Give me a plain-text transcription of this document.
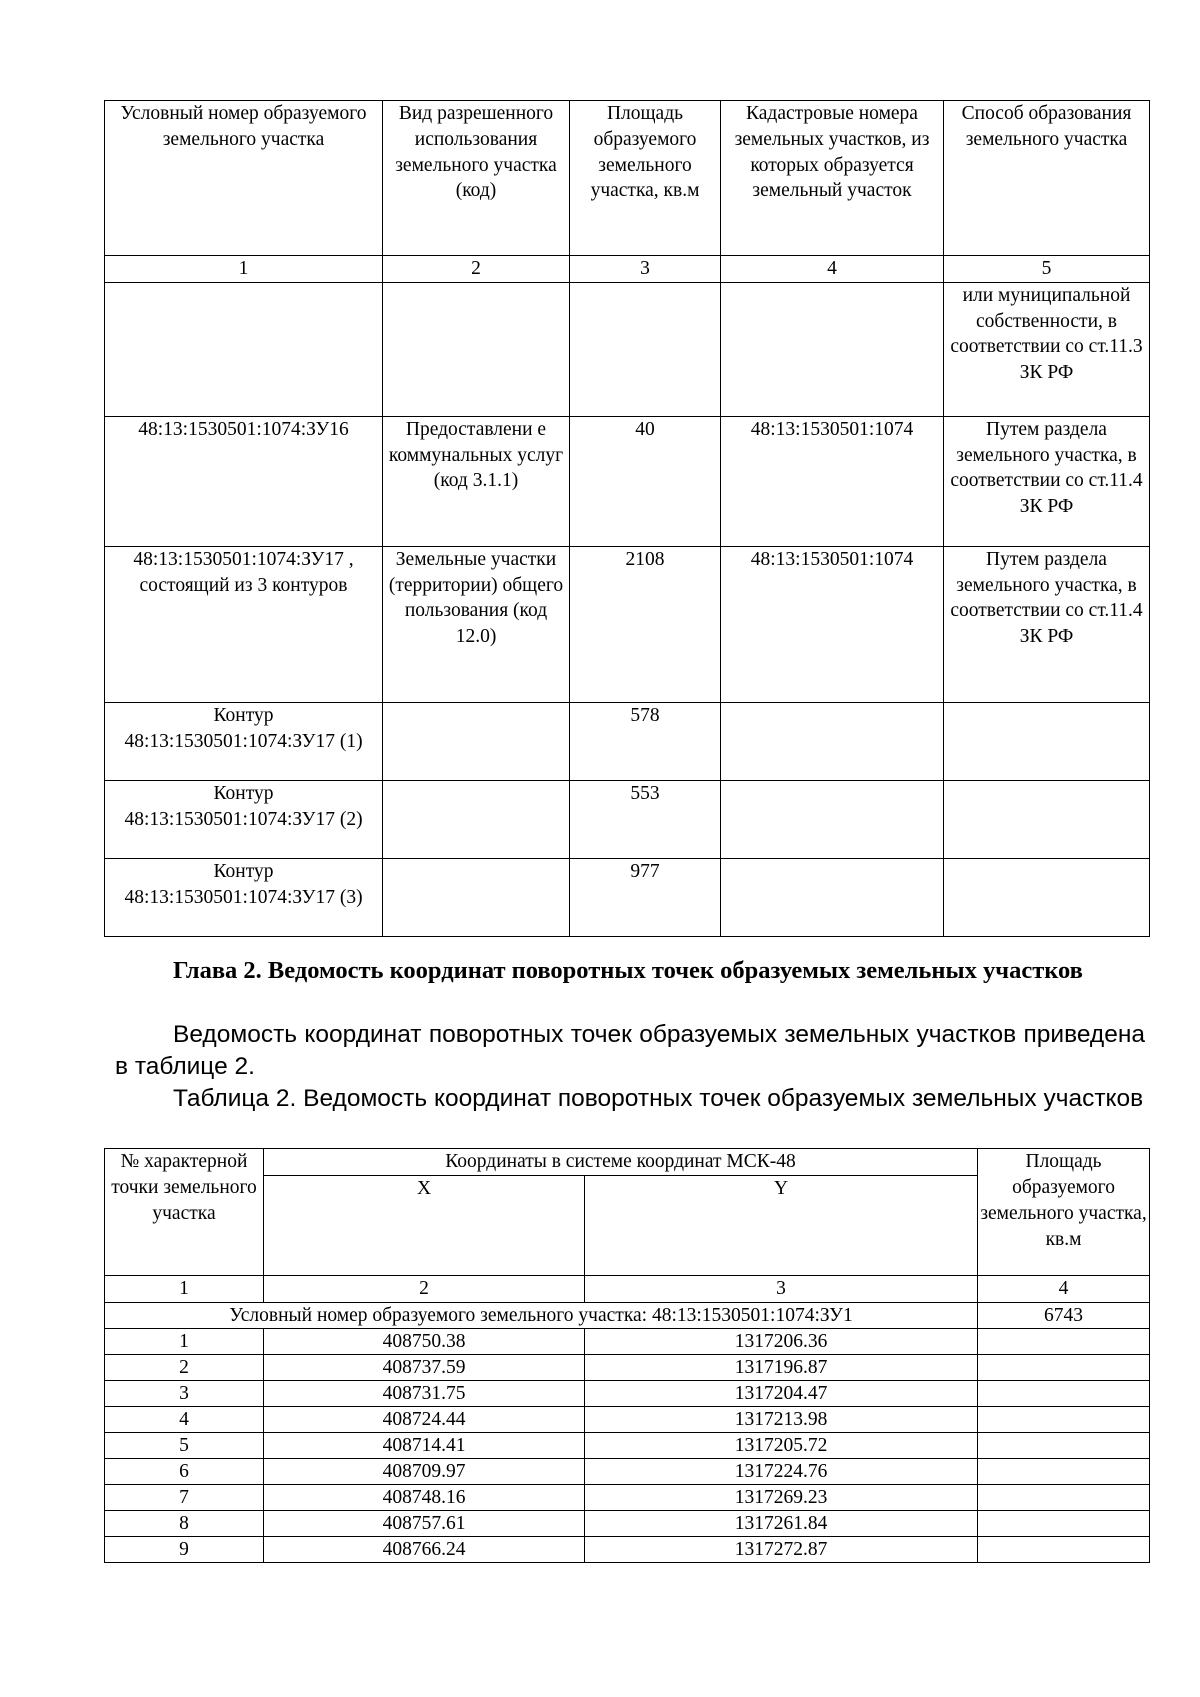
Условный номер образуемого земельного участка	Вид разрешенного использования земельного участка (код)	Площадь образуемого земельного участка, кв.м	Кадастровые номера земельных участков, из которых образуется земельный участок	Способ образования земельного участка
1	2	3	4	5
				или муниципальной собственности, в соответствии со ст.11.3 ЗК РФ
48:13:1530501:1074:ЗУ16	Предоставлени е коммунальных услуг (код 3.1.1)	40	48:13:1530501:1074	Путем раздела земельного участка, в соответствии со ст.11.4 ЗК РФ
48:13:1530501:1074:ЗУ17 , состоящий из 3 контуров	Земельные участки (территории) общего пользования (код 12.0)	2108	48:13:1530501:1074	Путем раздела земельного участка, в соответствии со ст.11.4 ЗК РФ
Контур 48:13:1530501:1074:ЗУ17 (1)		578		
Контур 48:13:1530501:1074:ЗУ17 (2)		553		
Контур 48:13:1530501:1074:ЗУ17 (3)		977		

Глава 2. Ведомость координат поворотных точек образуемых земельных участков

Ведомость координат поворотных точек образуемых земельных участков приведена в таблице 2.

Таблица 2. Ведомость координат поворотных точек образуемых земельных участков

№ характерной точки земельного участка	Координаты в системе координат МСК-48		Площадь образуемого земельного участка, кв.м
	X	Y	
1	2	3	4
Условный номер образуемого земельного участка: 48:13:1530501:1074:ЗУ1			6743
1	408750.38	1317206.36	
2	408737.59	1317196.87	
3	408731.75	1317204.47	
4	408724.44	1317213.98	
5	408714.41	1317205.72	
6	408709.97	1317224.76	
7	408748.16	1317269.23	
8	408757.61	1317261.84	
9	408766.24	1317272.87	
